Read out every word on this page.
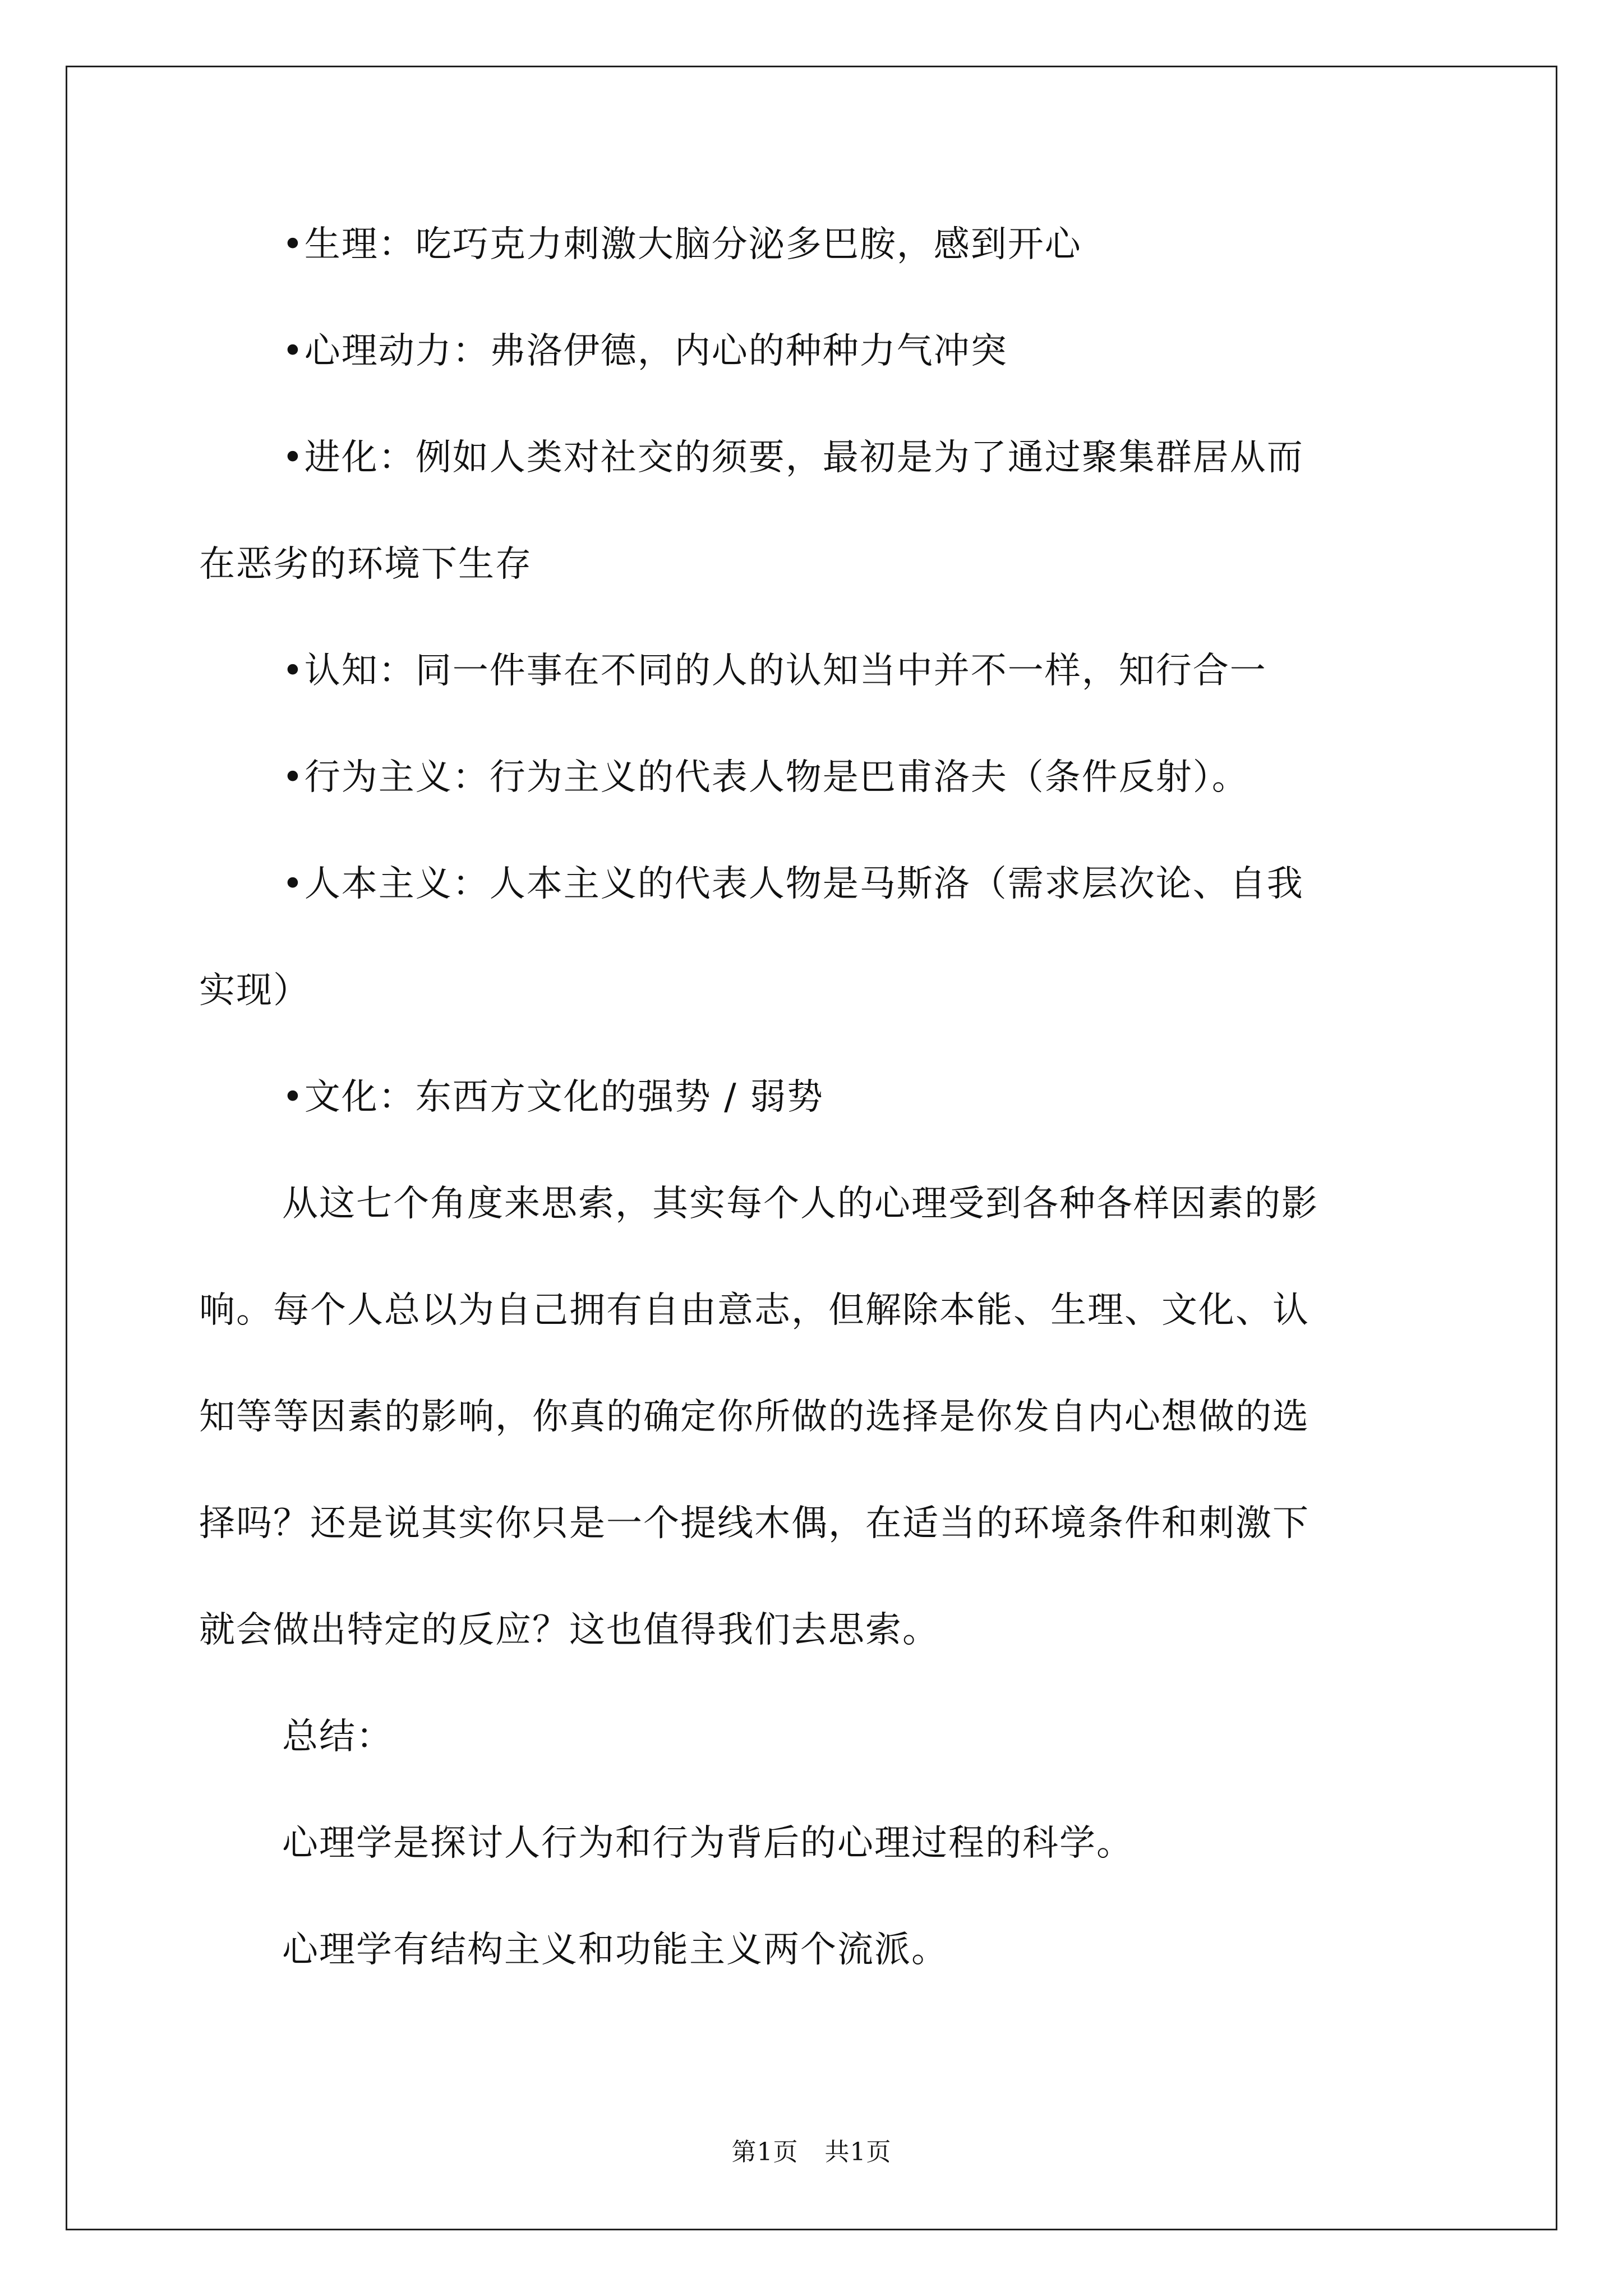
•生理：吃巧克力刺激大脑分泌多巴胺，感到开心
•心理动力：弗洛伊德，内心的种种力气冲突
•进化：例如人类对社交的须要，最初是为了通过聚集群居从而
在恶劣的环境下生存
•认知：同一件事在不同的人的认知当中并不一样，知行合一
•行为主义：行为主义的代表人物是巴甫洛夫（条件反射）。
•人本主义：人本主义的代表人物是马斯洛（需求层次论、自我
实现）
•文化：东西方文化的强势 / 弱势
从这七个角度来思索，其实每个人的心理受到各种各样因素的影
响。每个人总以为自己拥有自由意志，但解除本能、生理、文化、认
知等等因素的影响，你真的确定你所做的选择是你发自内心想做的选
择吗？还是说其实你只是一个提线木偶，在适当的环境条件和刺激下
就会做出特定的反应？这也值得我们去思索。
总结：
心理学是探讨人行为和行为背后的心理过程的科学。
心理学有结构主义和功能主义两个流派。
第1页 共1页
